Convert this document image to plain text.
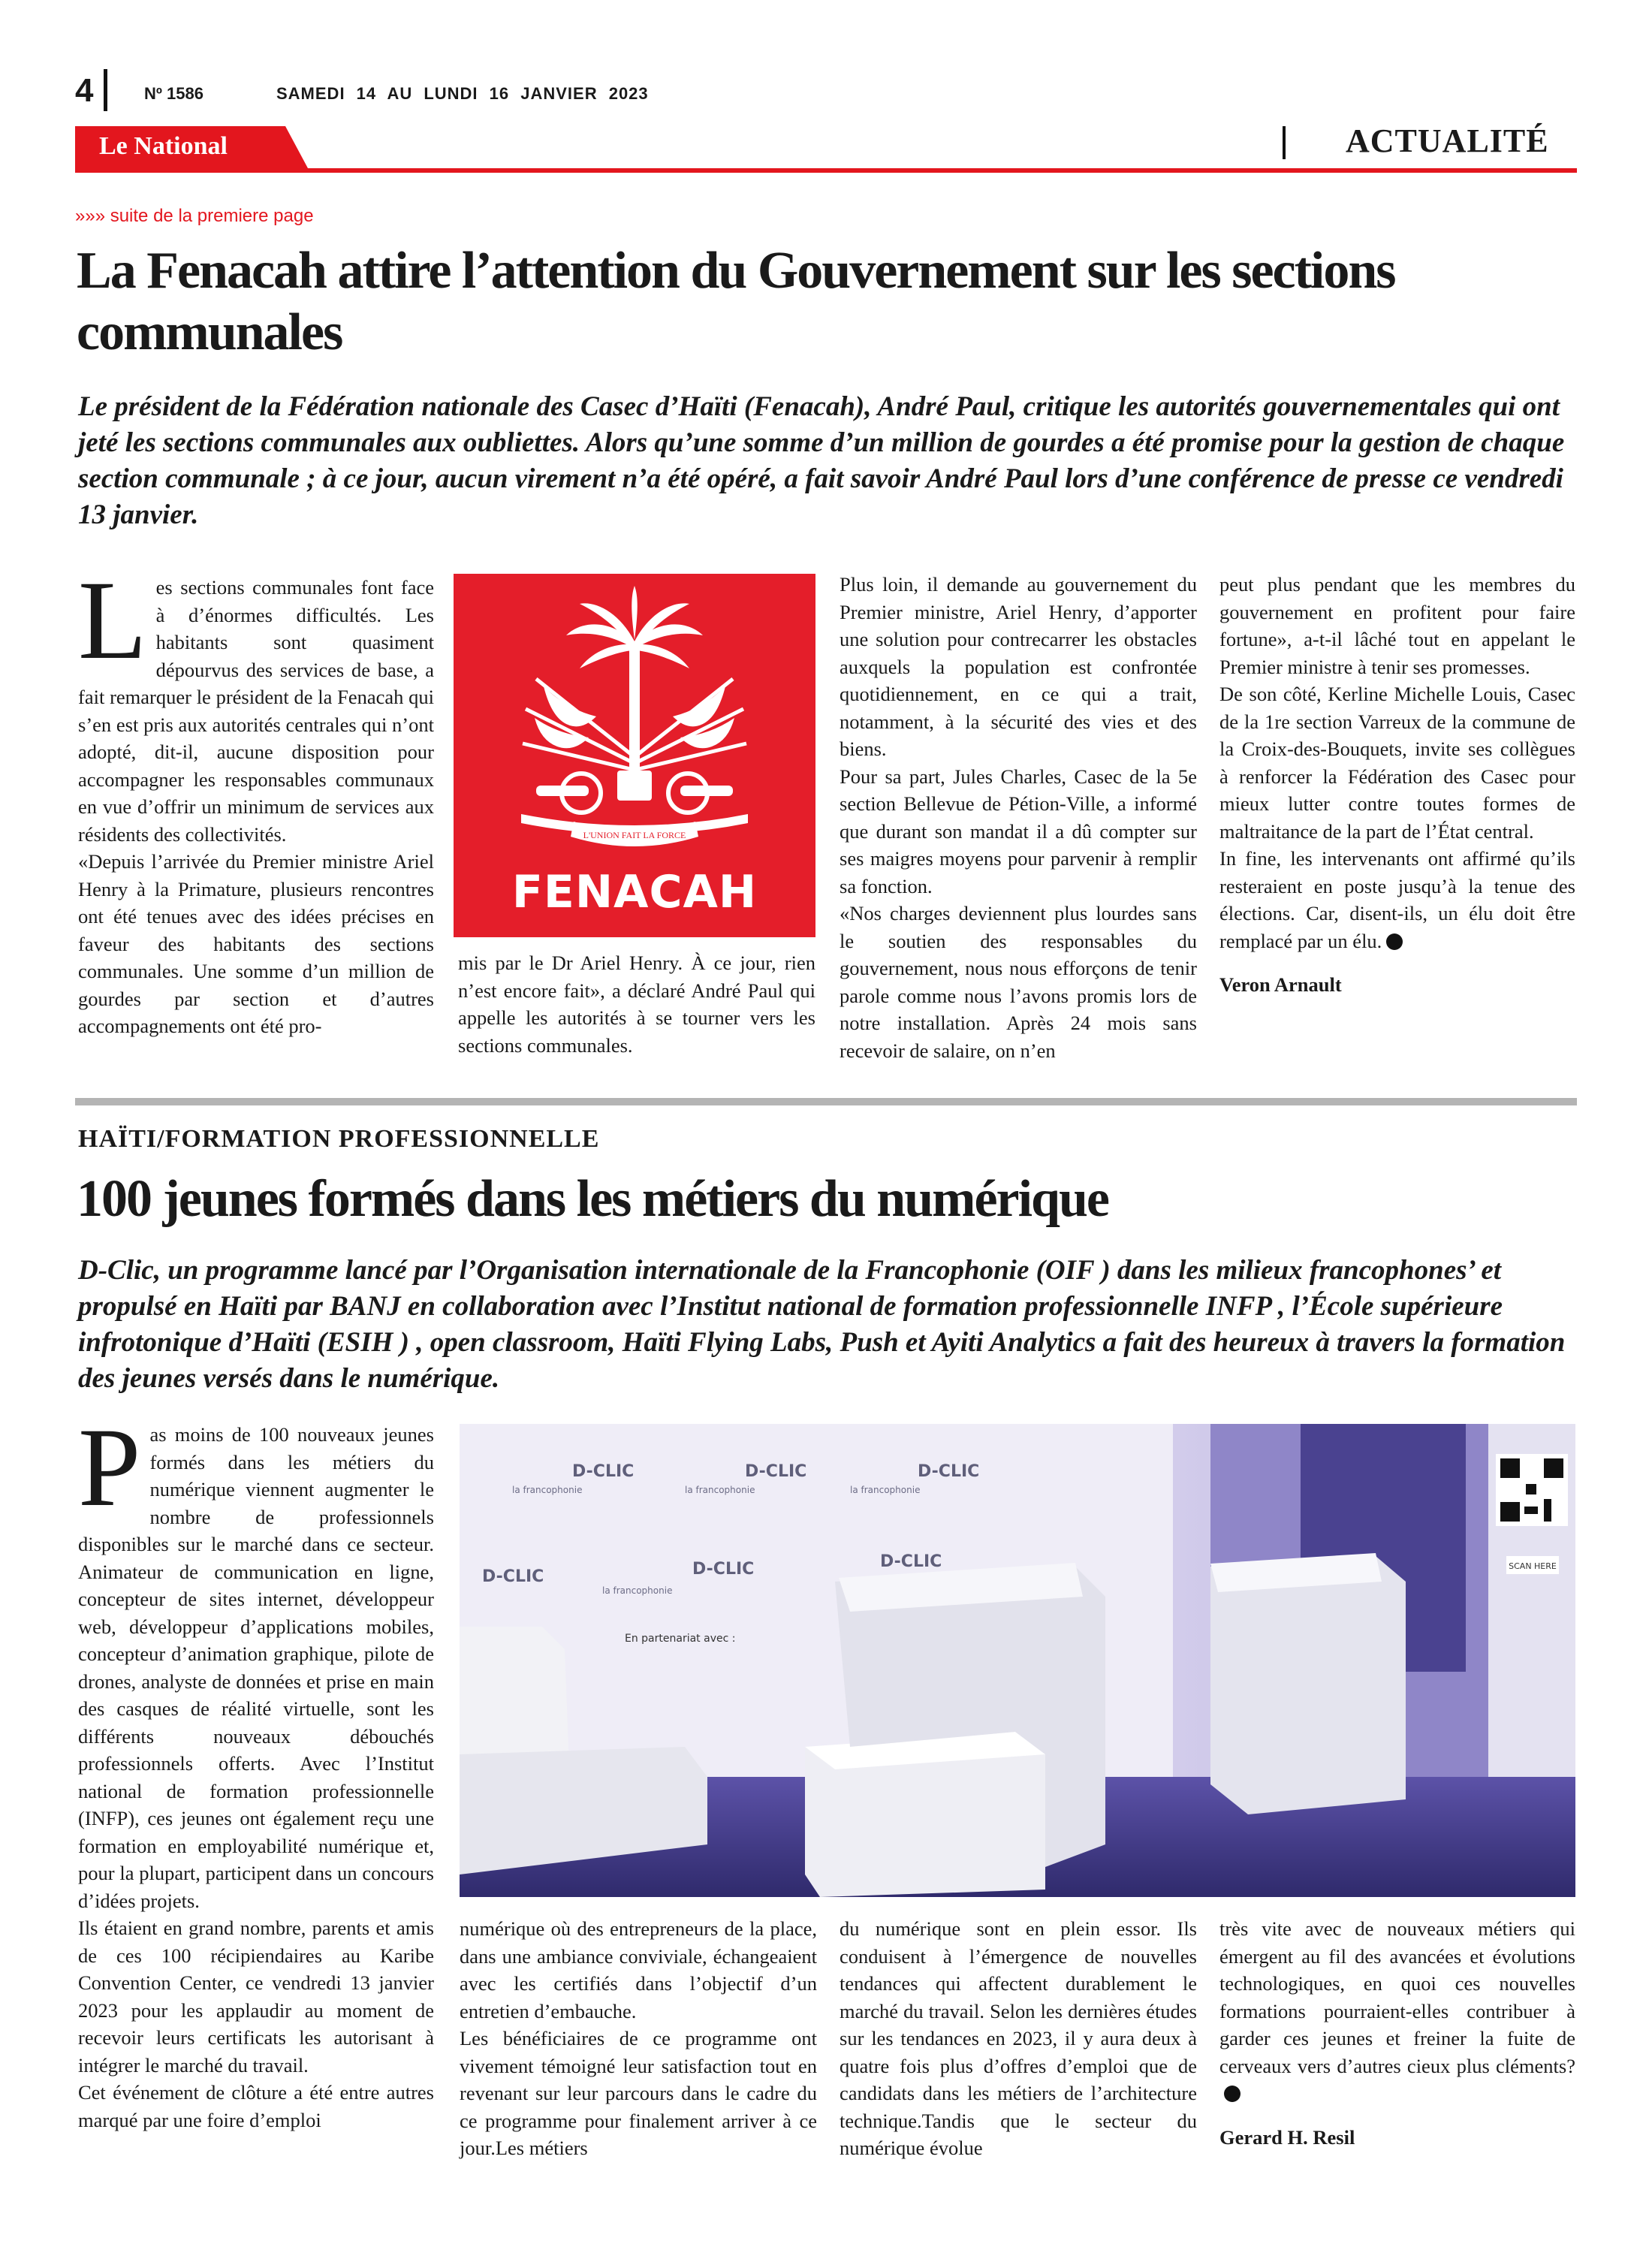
4	Nº 1586	SAMEDI 14 AU LUNDI 16 JANVIER 2023
Le National	ACTUALITÉ
»»» suite de la premiere page
La Fenacah attire l’attention du Gouvernement sur les sections communales

Le président de la Fédération nationale des Casec d’Haïti (Fenacah), André Paul, critique les autorités gouvernementales qui ont jeté les sections communales aux oubliettes. Alors qu’une somme d’un million de gourdes a été promise pour la gestion de chaque section communale ; à ce jour, aucun virement n’a été opéré, a fait savoir André Paul lors d’une conférence de presse ce vendredi 13 janvier.

L es sections communales font face à d’énormes difficultés. Les habitants sont quasiment dépourvus des services de base, a fait remarquer le président de la Fenacah qui s’en est pris aux autorités centrales qui n’ont adopté, dit-il, aucune disposition pour accompagner les responsables communaux en vue d’offrir un minimum de services aux résidents des collectivités.

«Depuis l’arrivée du Premier ministre Ariel Henry à la Primature, plusieurs rencontres ont été tenues avec des idées précises en faveur des habitants des sections communales. Une somme d’un million de gourdes par section et d’autres accompagnements ont été pro-

L'UNION FAIT LA FORCE
FENACAH

mis par le Dr Ariel Henry. À ce jour, rien n’est encore fait», a déclaré André Paul qui appelle les autorités à se tourner vers les sections communales.

Plus loin, il demande au gouvernement du Premier ministre, Ariel Henry, d’apporter une solution pour contrecarrer les obstacles auxquels la population est confrontée quotidiennement, en ce qui a trait, notamment, à la sécurité des vies et des biens.

Pour sa part, Jules Charles, Casec de la 5e section Bellevue de Pétion-Ville, a informé que durant son mandat il a dû compter sur ses maigres moyens pour parvenir à remplir sa fonction.

«Nos charges deviennent plus lourdes sans le soutien des responsables du gouvernement, nous nous efforçons de tenir parole comme nous l’avons promis lors de notre installation. Après 24 mois sans recevoir de salaire, on n’en

peut plus pendant que les membres du gouvernement en profitent pour faire fortune», a-t-il lâché tout en appelant le Premier ministre à tenir ses promesses.

De son côté, Kerline Michelle Louis, Casec de la 1re section Varreux de la commune de la Croix-des-Bouquets, invite ses collègues à renforcer la Fédération des Casec pour mieux lutter contre toutes formes de maltraitance de la part de l’État central.

In fine, les intervenants ont affirmé qu’ils resteraient en poste jusqu’à la tenue des élections. Car, disent-ils, un élu doit être remplacé par un élu.

Veron Arnault

HAÏTI/FORMATION PROFESSIONNELLE
100 jeunes formés dans les métiers du numérique

D-Clic, un programme lancé par l’Organisation internationale de la Francophonie (OIF ) dans les milieux francophones’ et propulsé en Haïti par BANJ en collaboration avec l’Institut national de formation professionnelle INFP , l’École supérieure infrotonique d’Haïti (ESIH ) , open classroom, Haïti Flying Labs, Push et Ayiti Analytics a fait des heureux à travers la formation des jeunes versés dans le numérique.

P as moins de 100 nouveaux jeunes formés dans les métiers du numérique viennent augmenter le nombre de professionnels disponibles sur le marché dans ce secteur. Animateur de communication en ligne, concepteur de sites internet, développeur web, développeur d’applications mobiles, concepteur d’animation graphique, pilote de drones, analyste de données et prise en main des casques de réalité virtuelle, sont les différents nouveaux débouchés professionnels offerts. Avec l’Institut national de formation professionnelle (INFP), ces jeunes ont également reçu une formation en employabilité numérique et, pour la plupart, participent dans un concours d’idées projets.

Ils étaient en grand nombre, parents et amis de ces 100 récipiendaires au Karibe Convention Center, ce vendredi 13 janvier 2023 pour les applaudir au moment de recevoir leurs certificats les autorisant à intégrer le marché du travail.

Cet événement de clôture a été entre autres marqué par une foire d’emploi

SCAN HERE
D-CLIC	D-CLIC	D-CLIC
la francophonie	la francophonie	la francophonie
D-CLIC	D-CLIC	D-CLIC
la francophonie
En partenariat avec :

numérique où des entrepreneurs de la place, dans une ambiance conviviale, échangeaient avec les certifiés dans l’objectif d’un entretien d’embauche.

Les bénéficiaires de ce programme ont vivement témoigné leur satisfaction tout en revenant sur leur parcours dans le cadre du ce programme pour finalement arriver à ce jour.Les métiers

du numérique sont en plein essor. Ils conduisent à l’émergence de nouvelles tendances qui affectent durablement le marché du travail. Selon les dernières études sur les tendances en 2023, il y aura deux à quatre fois plus d’offres d’emploi que de candidats dans les métiers de l’architecture technique.Tandis que le secteur du numérique évolue

très vite avec de nouveaux métiers qui émergent au fil des avancées et évolutions technologiques, en quoi ces nouvelles formations pourraient-elles contribuer à garder ces jeunes et freiner la fuite de cerveaux vers d’autres cieux plus cléments?

Gerard H. Resil
